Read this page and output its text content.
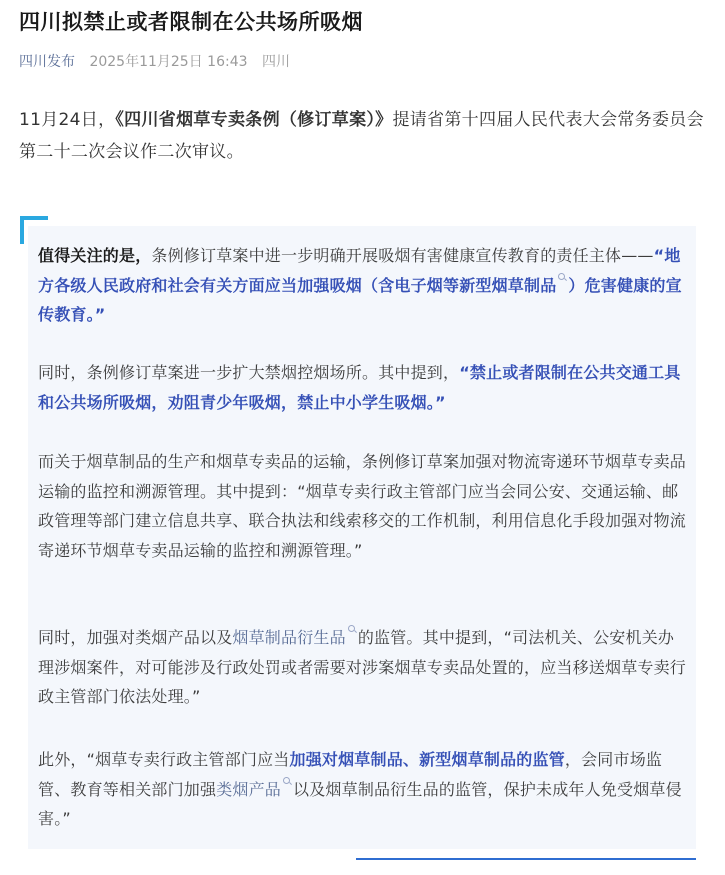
四川拟禁止或者限制在公共场所吸烟
四川发布 2025年11月25日 16:43 四川
11月24日，《四川省烟草专卖条例（修订草案）》提请省第十四届人民代表大会常务委员会第二十二次会议作二次审议。
值得关注的是，条例修订草案中进一步明确开展吸烟有害健康宣传教育的责任主体——“地方各级人民政府和社会有关方面应当加强吸烟（含电子烟等新型烟草制品 ）危害健康的宣传教育。”
同时，条例修订草案进一步扩大禁烟控烟场所。其中提到，“禁止或者限制在公共交通工具和公共场所吸烟，劝阻青少年吸烟，禁止中小学生吸烟。”
而关于烟草制品的生产和烟草专卖品的运输，条例修订草案加强对物流寄递环节烟草专卖品运输的监控和溯源管理。其中提到：“烟草专卖行政主管部门应当会同公安、交通运输、邮政管理等部门建立信息共享、联合执法和线索移交的工作机制，利用信息化手段加强对物流寄递环节烟草专卖品运输的监控和溯源管理。”
同时，加强对类烟产品以及烟草制品衍生品 的监管。其中提到，“司法机关、公安机关办理涉烟案件，对可能涉及行政处罚或者需要对涉案烟草专卖品处置的，应当移送烟草专卖行政主管部门依法处理。”
此外，“烟草专卖行政主管部门应当加强对烟草制品、新型烟草制品的监管，会同市场监管、教育等相关部门加强类烟产品 以及烟草制品衍生品的监管，保护未成年人免受烟草侵害。”
